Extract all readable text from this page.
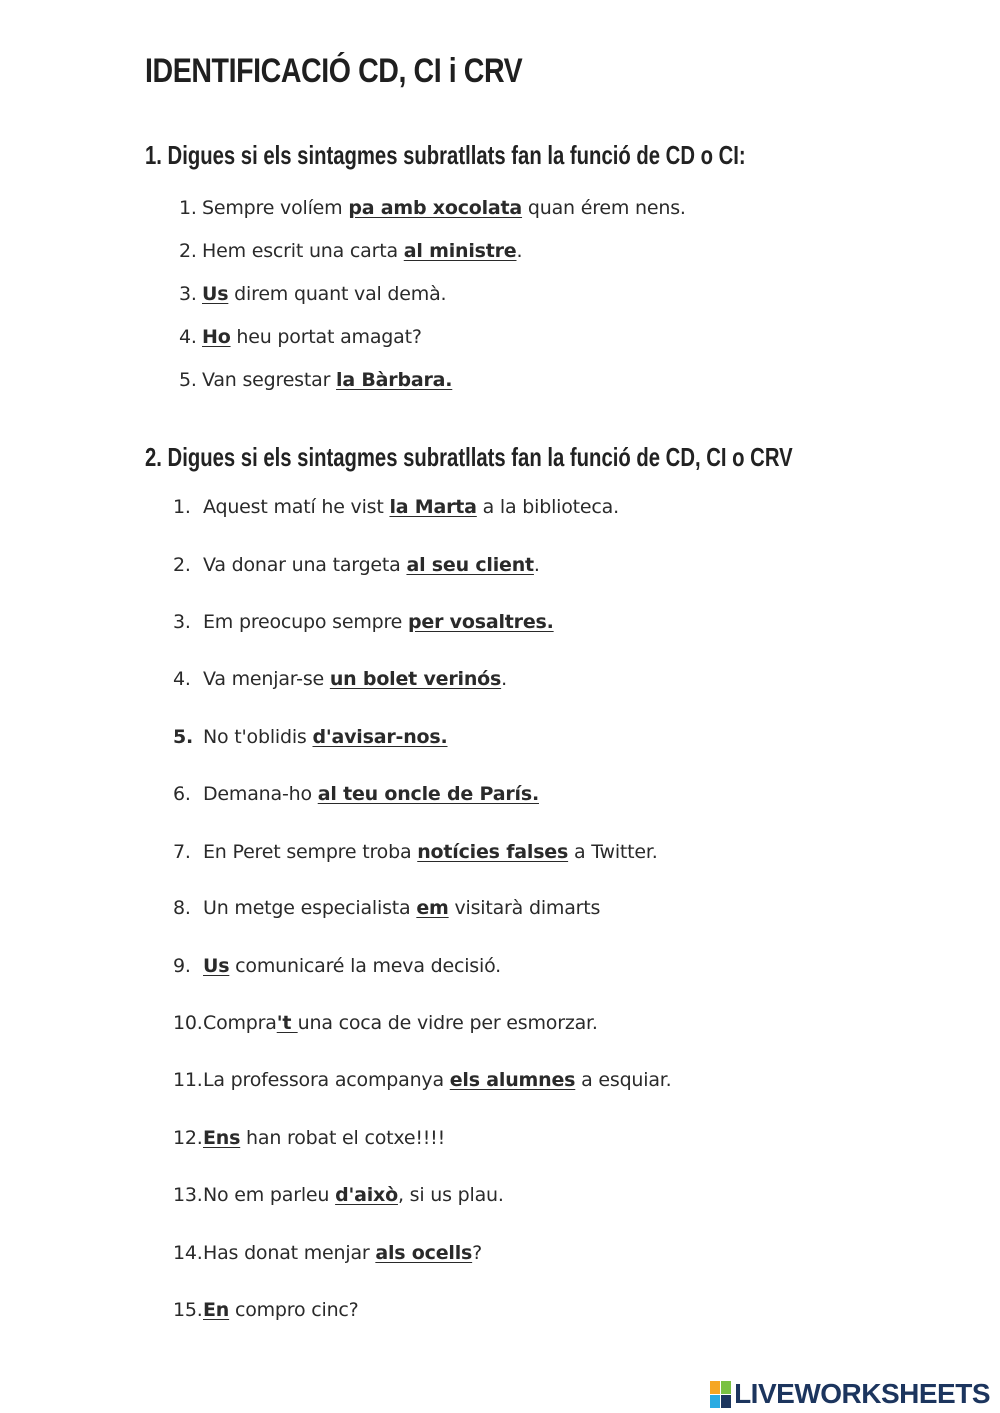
IDENTIFICACIÓ CD, CI i CRV
1. Digues si els sintagmes subratllats fan la funció de CD o CI:
1. Sempre volíem pa amb xocolata quan érem nens.
2. Hem escrit una carta al ministre.
3. Us direm quant val demà.
4. Ho heu portat amagat?
5. Van segrestar la Bàrbara.
2. Digues si els sintagmes subratllats fan la funció de CD, CI o CRV
1. Aquest matí he vist la Marta a la biblioteca.
2. Va donar una targeta al seu client.
3. Em preocupo sempre per vosaltres.
4. Va menjar-se un bolet verinós.
5. No t'oblidis d'avisar-nos.
6. Demana-ho al teu oncle de París.
7. En Peret sempre troba notícies falses a Twitter.
8. Un metge especialista em visitarà dimarts
9. Us comunicaré la meva decisió.
10.Compra't una coca de vidre per esmorzar.
11.La professora acompanya els alumnes a esquiar.
12.Ens han robat el cotxe!!!!
13.No em parleu d'això, si us plau.
14.Has donat menjar als ocells?
15.En compro cinc?
LIVEWORKSHEETS
